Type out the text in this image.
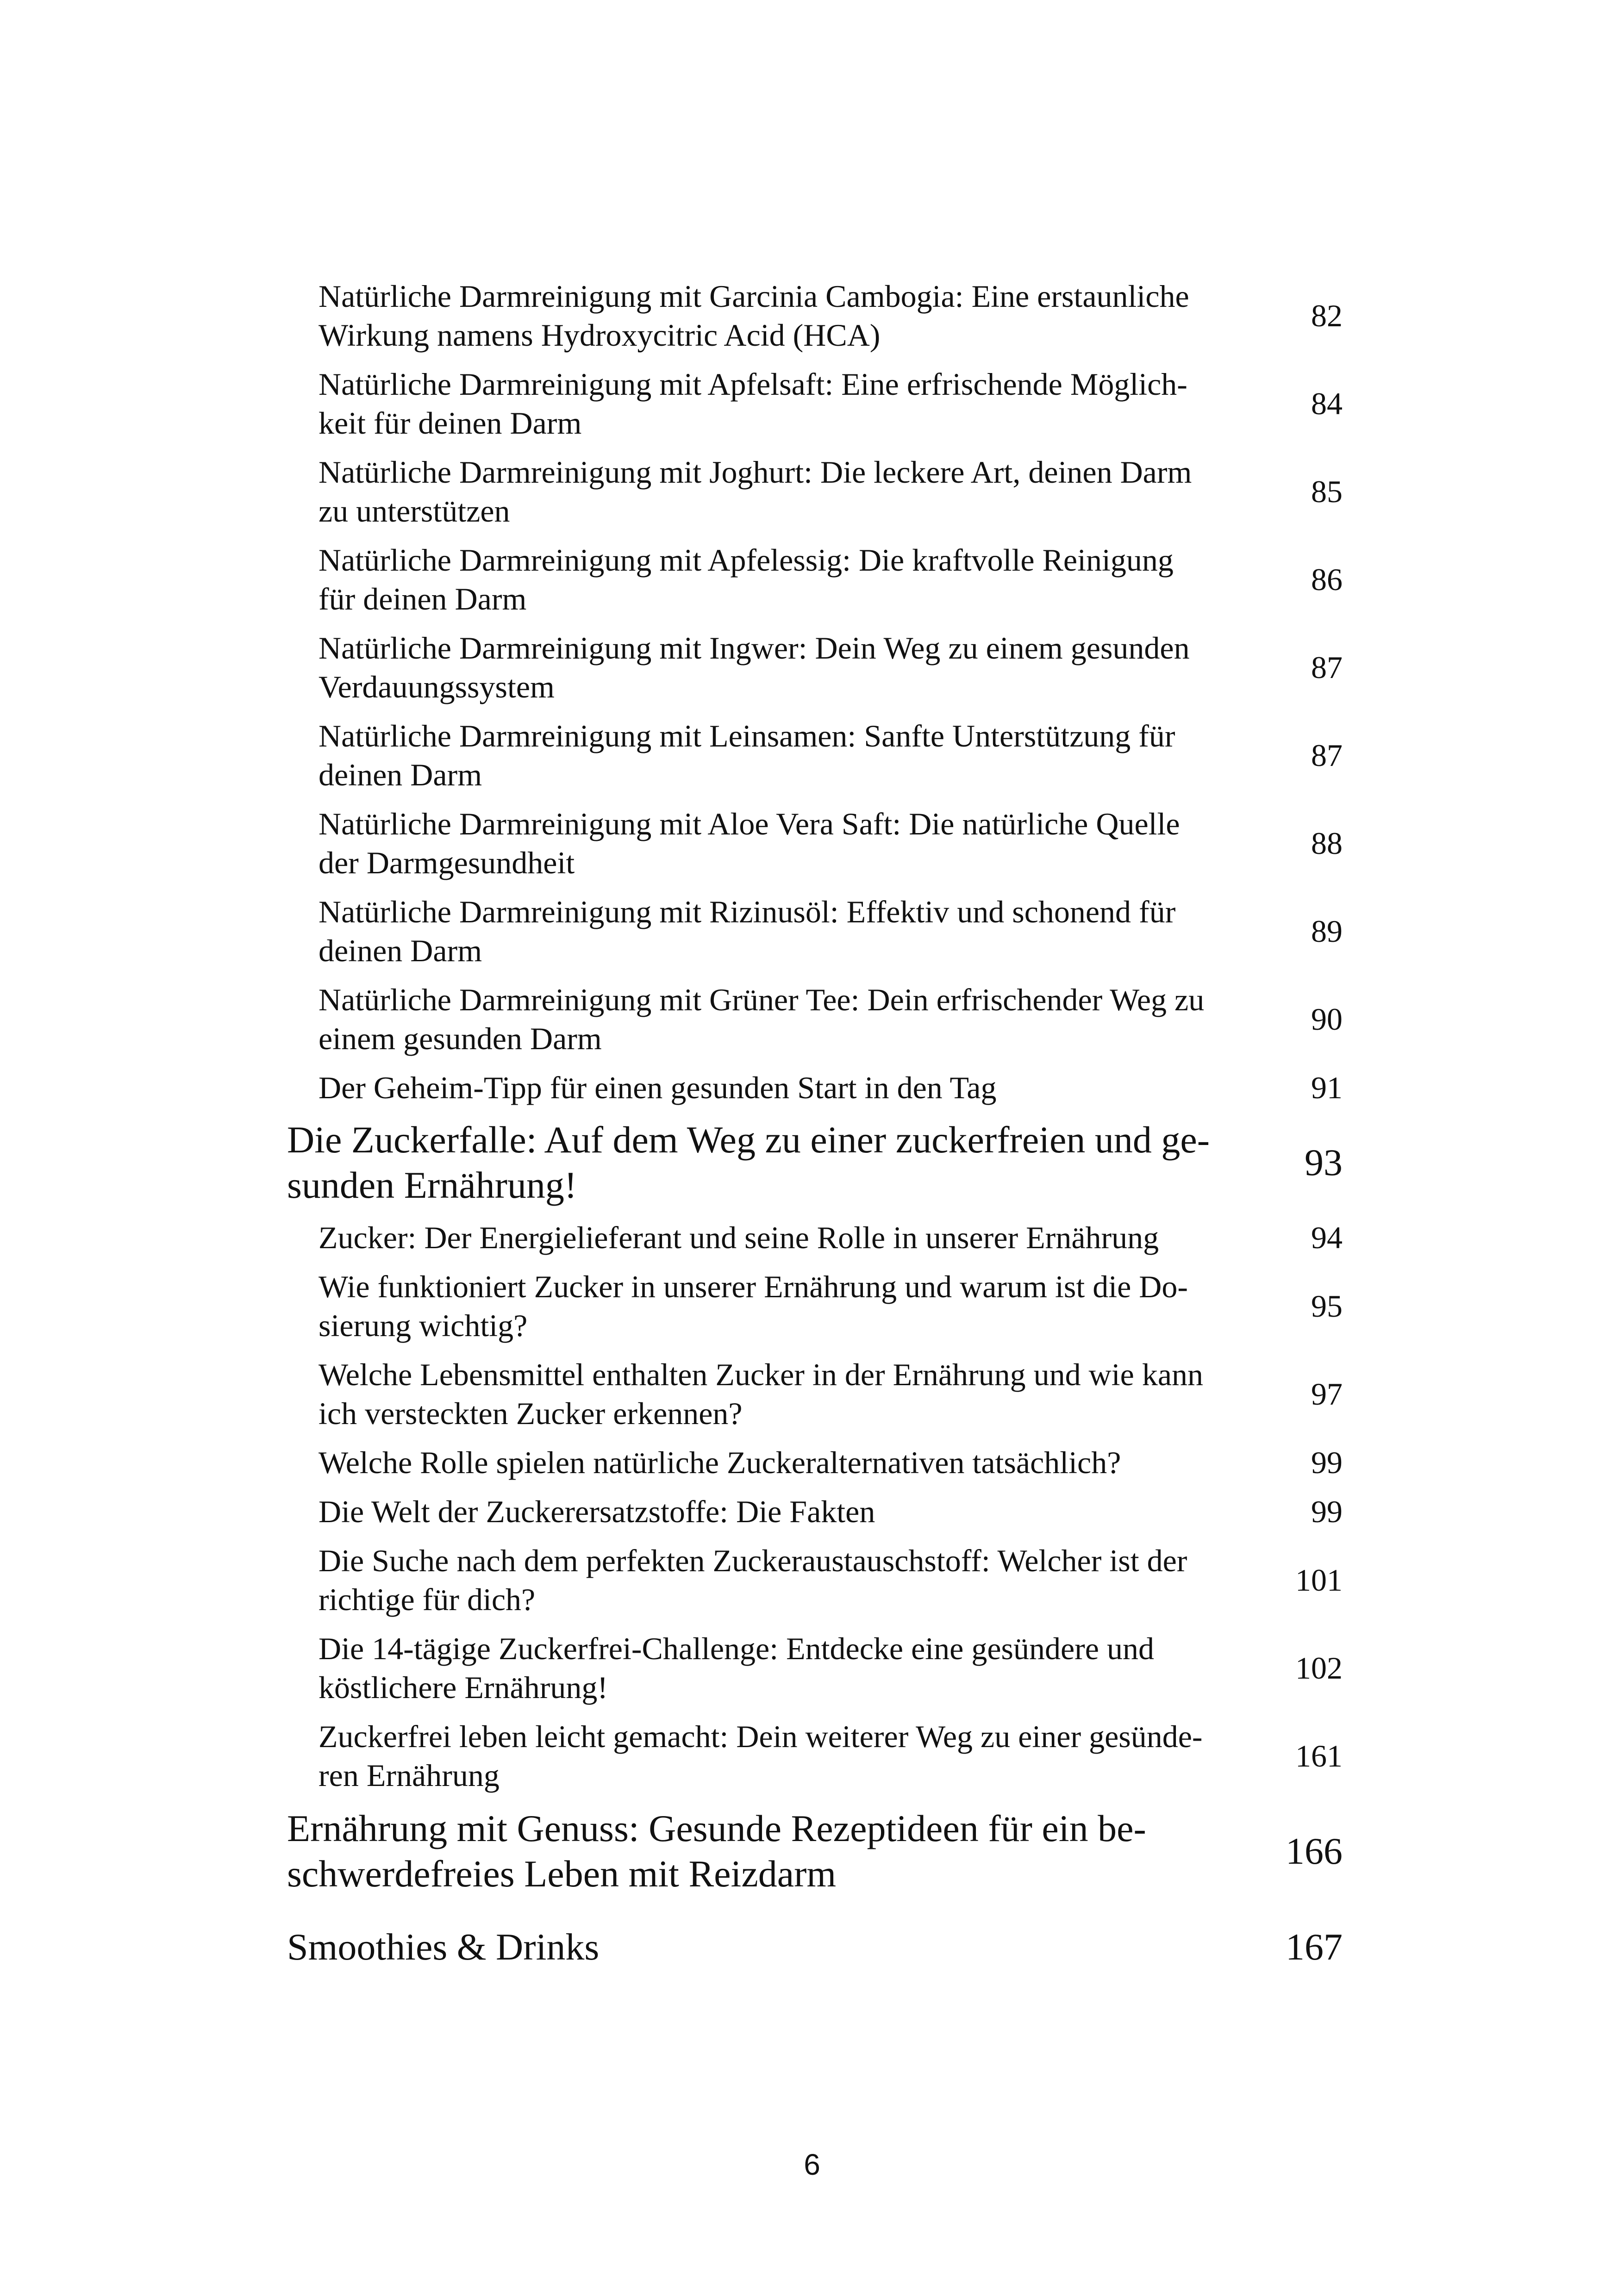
Natürliche Darmreinigung mit Garcinia Cambogia: Eine erstaunliche
Wirkung namens Hydroxycitric Acid (HCA)
82
Natürliche Darmreinigung mit Apfelsaft: Eine erfrischende Möglich-
keit für deinen Darm
84
Natürliche Darmreinigung mit Joghurt: Die leckere Art, deinen Darm
zu unterstützen
85
Natürliche Darmreinigung mit Apfelessig: Die kraftvolle Reinigung
für deinen Darm
86
Natürliche Darmreinigung mit Ingwer: Dein Weg zu einem gesunden
Verdauungssystem
87
Natürliche Darmreinigung mit Leinsamen: Sanfte Unterstützung für
deinen Darm
87
Natürliche Darmreinigung mit Aloe Vera Saft: Die natürliche Quelle
der Darmgesundheit
88
Natürliche Darmreinigung mit Rizinusöl: Effektiv und schonend für
deinen Darm
89
Natürliche Darmreinigung mit Grüner Tee: Dein erfrischender Weg zu
einem gesunden Darm
90
Der Geheim-Tipp für einen gesunden Start in den Tag	91
Die Zuckerfalle: Auf dem Weg zu einer zuckerfreien und ge-
sunden Ernährung!
93
Zucker: Der Energielieferant und seine Rolle in unserer Ernährung	94
Wie funktioniert Zucker in unserer Ernährung und warum ist die Do-
sierung wichtig?
95
Welche Lebensmittel enthalten Zucker in der Ernährung und wie kann
ich versteckten Zucker erkennen?
97
Welche Rolle spielen natürliche Zuckeralternativen tatsächlich?	99
Die Welt der Zuckerersatzstoffe: Die Fakten	99
Die Suche nach dem perfekten Zuckeraustauschstoff: Welcher ist der
richtige für dich?
101
Die 14-tägige Zuckerfrei-Challenge: Entdecke eine gesündere und
köstlichere Ernährung!
102
Zuckerfrei leben leicht gemacht: Dein weiterer Weg zu einer gesünde-
ren Ernährung
161
Ernährung mit Genuss: Gesunde Rezeptideen für ein be-
schwerdefreies Leben mit Reizdarm
166
Smoothies & Drinks	167
6
